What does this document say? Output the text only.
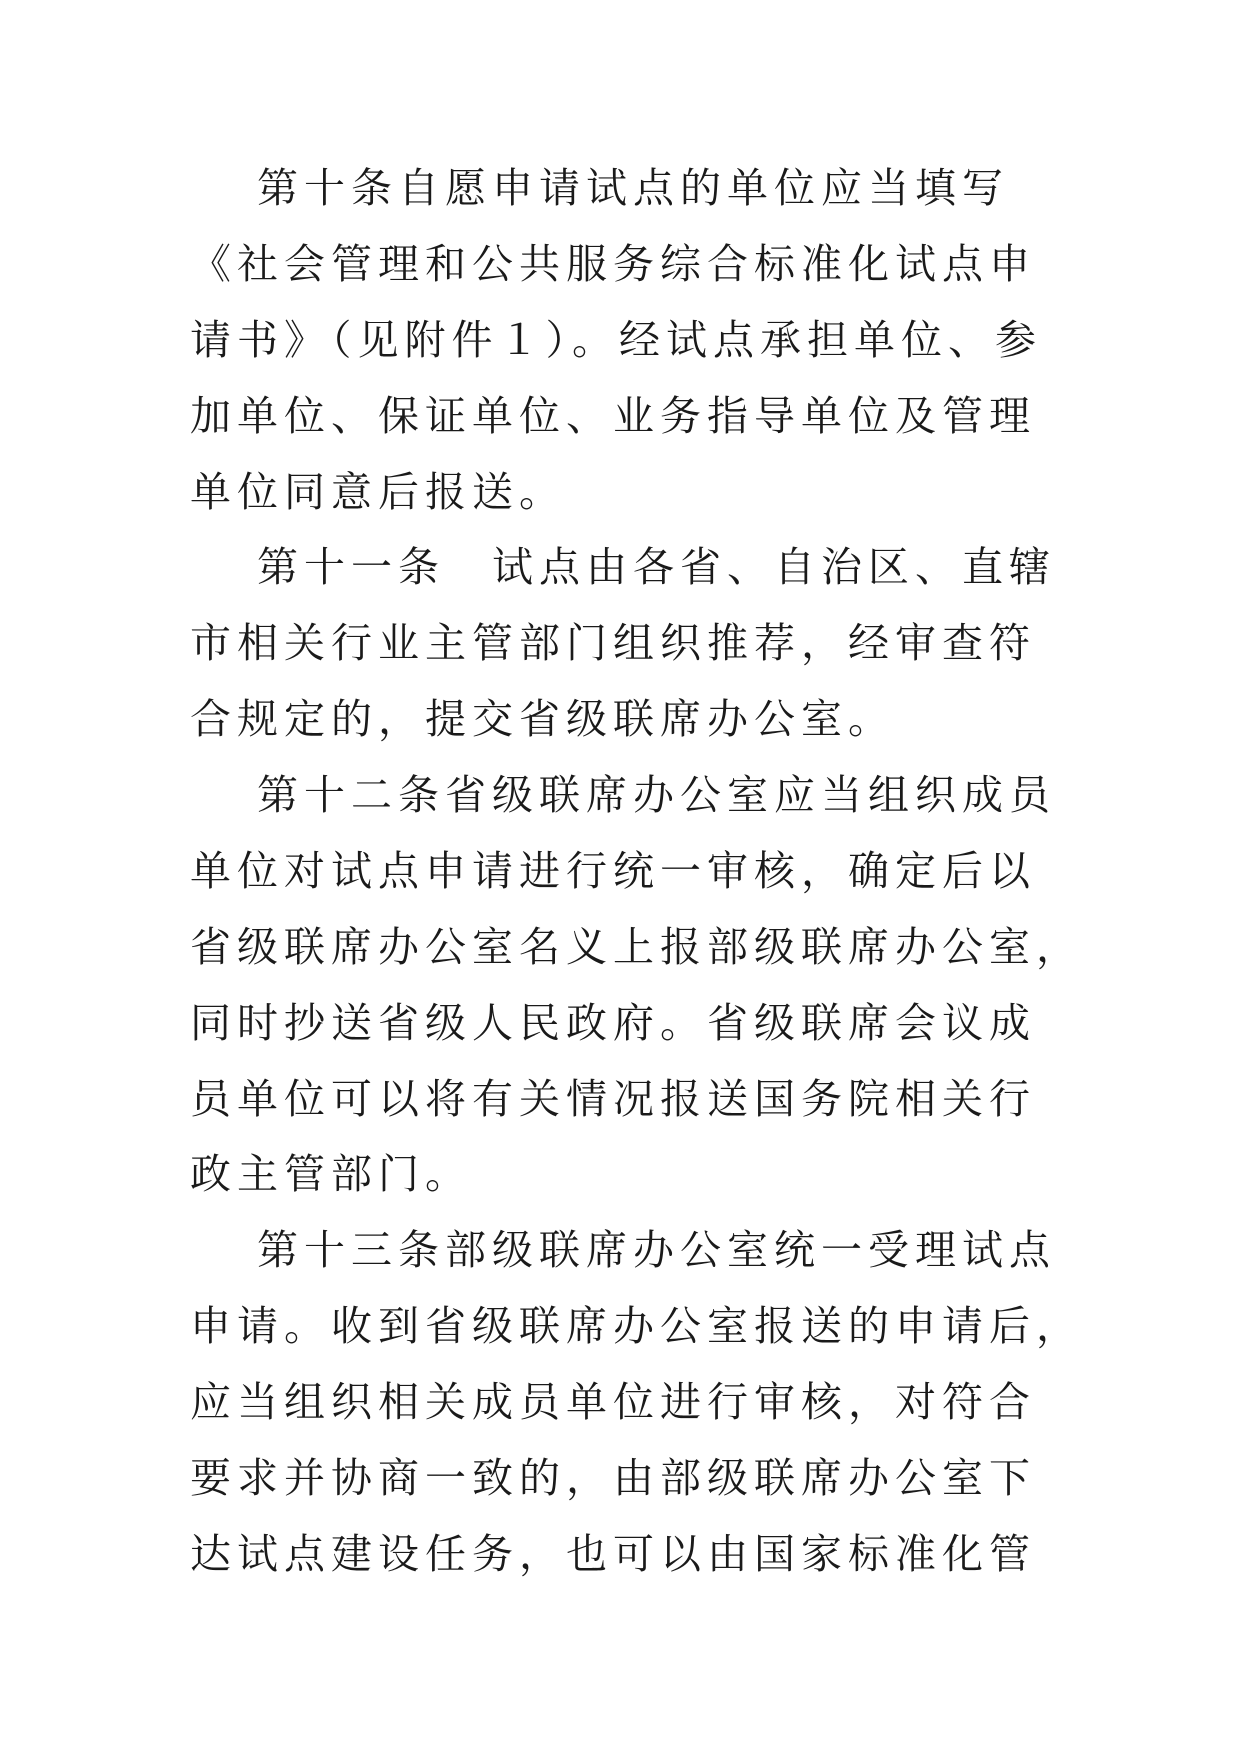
第十条自愿申请试点的单位应当填写
《社会管理和公共服务综合标准化试点申
请书》（见附件１）。经试点承担单位、参
加单位、保证单位、业务指导单位及管理
单位同意后报送。
第十一条　试点由各省、自治区、直辖
市相关行业主管部门组织推荐，经审查符
合规定的，提交省级联席办公室。
第十二条省级联席办公室应当组织成员
单位对试点申请进行统一审核，确定后以
省级联席办公室名义上报部级联席办公室，
同时抄送省级人民政府。省级联席会议成
员单位可以将有关情况报送国务院相关行
政主管部门。
第十三条部级联席办公室统一受理试点
申请。收到省级联席办公室报送的申请后，
应当组织相关成员单位进行审核，对符合
要求并协商一致的，由部级联席办公室下
达试点建设任务，也可以由国家标准化管
